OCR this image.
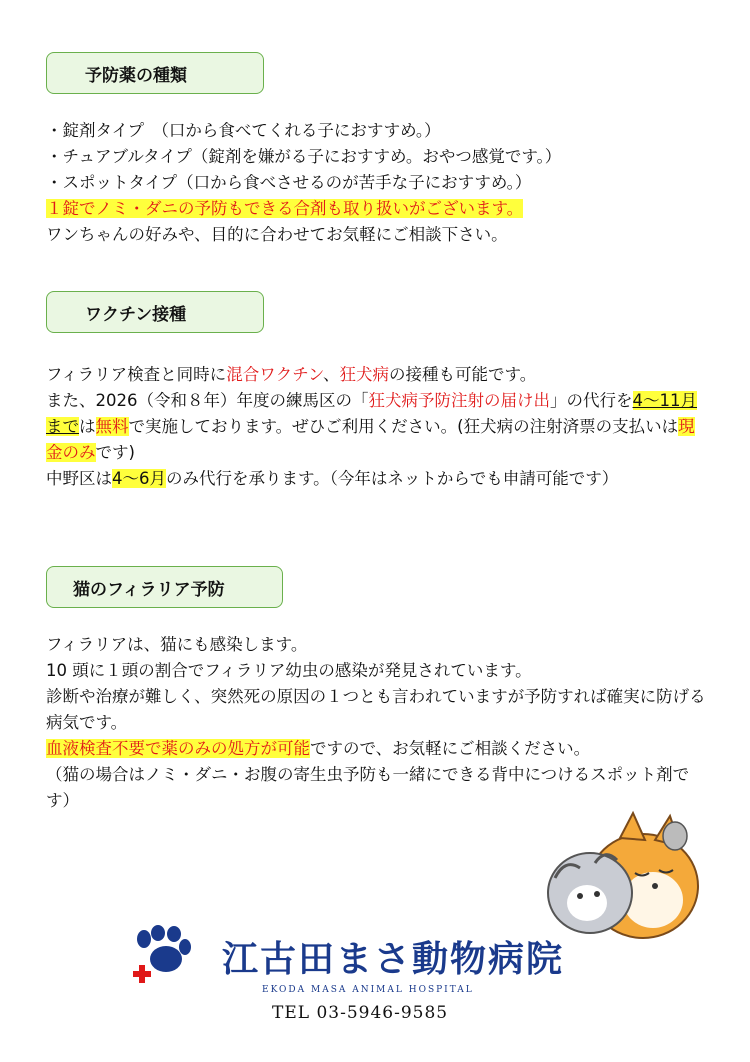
予防薬の種類
・錠剤タイプ　（口から食べてくれる子におすすめ。）
・チュアブルタイプ（錠剤を嫌がる子におすすめ。おやつ感覚です。）
・スポットタイプ（口から食べさせるのが苦手な子におすすめ。）
１錠でノミ・ダニの予防もできる合剤も取り扱いがございます。
ワンちゃんの好みや、目的に合わせてお気軽にご相談下さい。
ワクチン接種
フィラリア検査と同時に混合ワクチン、狂犬病の接種も可能です。
また、2026（令和８年）年度の練馬区の「狂犬病予防注射の届け出」の代行を4〜11月までは無料で実施しております。ぜひご利用ください。(狂犬病の注射済票の支払いは現金のみです)
中野区は4〜6月のみ代行を承ります。（今年はネットからでも申請可能です）
猫のフィラリア予防
フィラリアは、猫にも感染します。
10 頭に１頭の割合でフィラリア幼虫の感染が発見されています。
診断や治療が難しく、突然死の原因の１つとも言われていますが予防すれば確実に防げる病気です。
血液検査不要で薬のみの処方が可能ですので、お気軽にご相談ください。
（猫の場合はノミ・ダニ・お腹の寄生虫予防も一緒にできる背中につけるスポット剤です）
江古田まさ動物病院
EKODA MASA ANIMAL HOSPITAL
TEL 03-5946-9585
